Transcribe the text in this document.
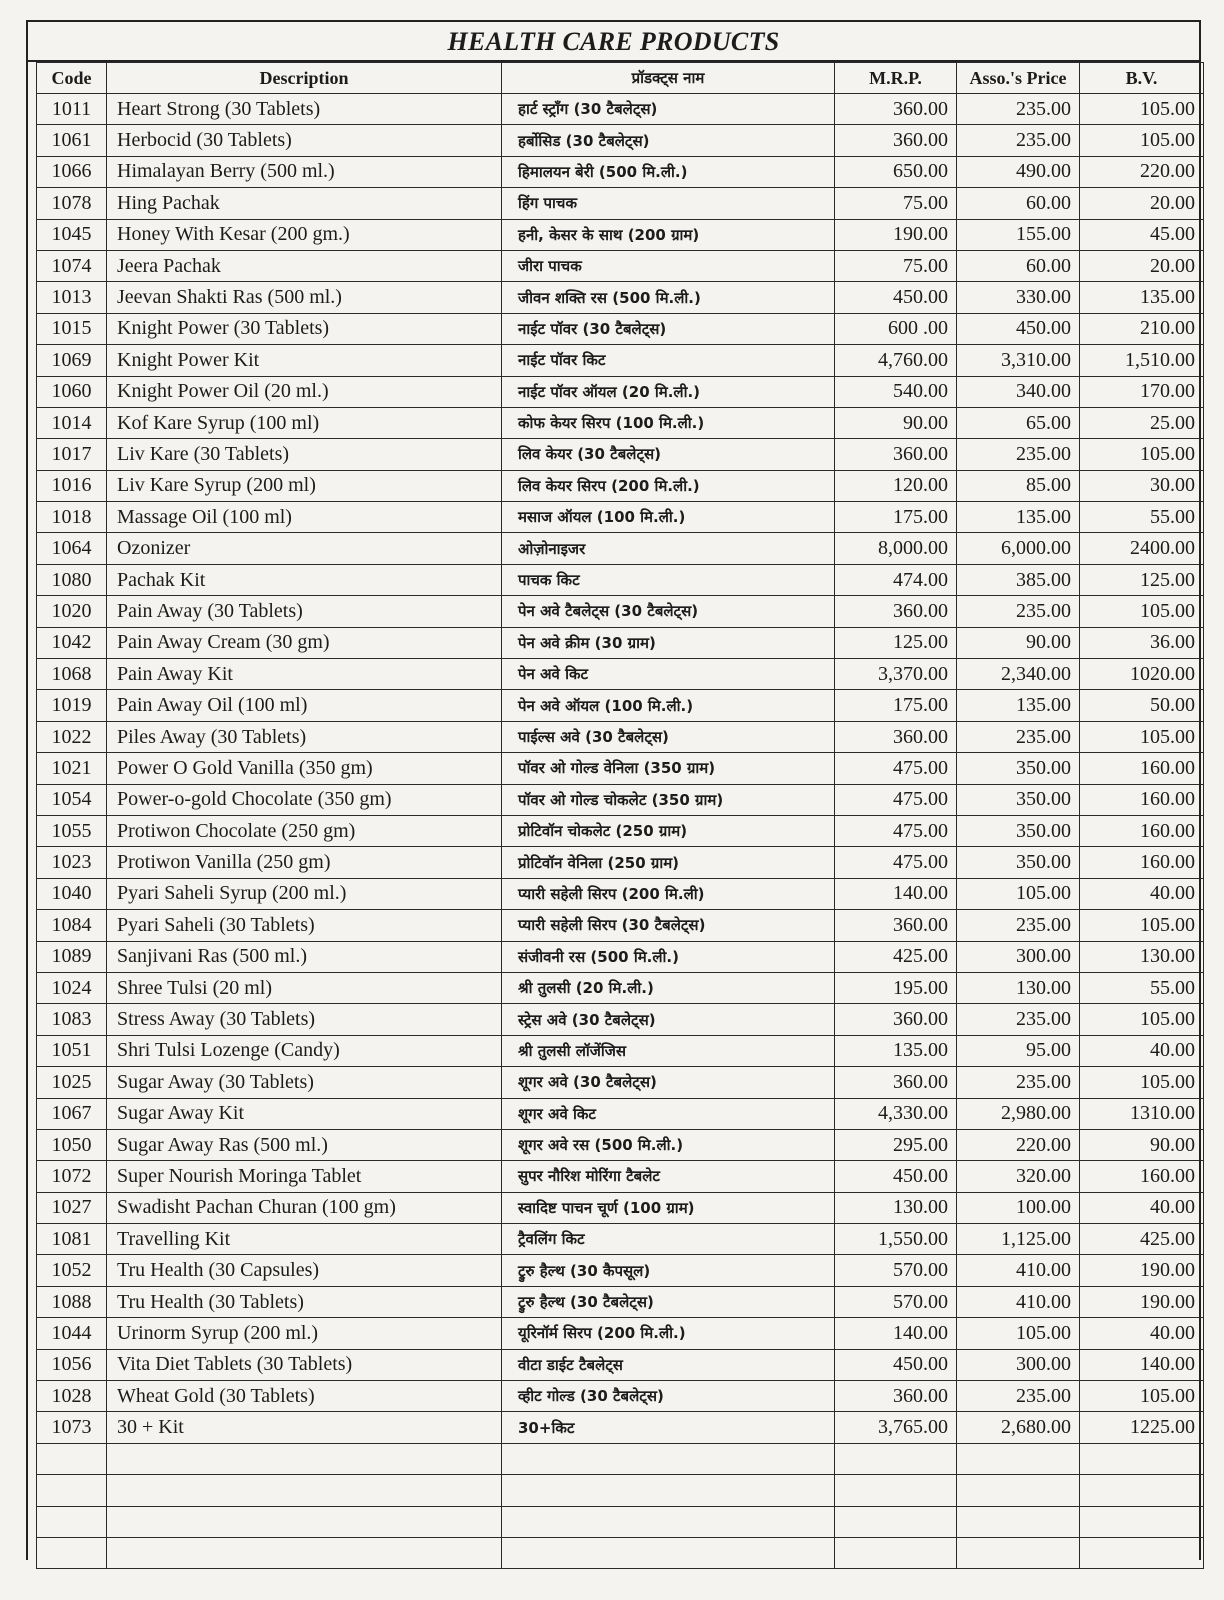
HEALTH CARE PRODUCTS
Code	Description	प्रॉडक्ट्स नाम	M.R.P.	Asso.'s Price	B.V.
1011	Heart Strong (30 Tablets)	हार्ट स्ट्रॉंग (30 टैबलेट्स)	360.00	235.00	105.00
1061	Herbocid (30 Tablets)	हर्बोसिड (30 टैबलेट्स)	360.00	235.00	105.00
1066	Himalayan Berry (500 ml.)	हिमालयन बेरी (500 मि.ली.)	650.00	490.00	220.00
1078	Hing Pachak	हिंग पाचक	75.00	60.00	20.00
1045	Honey With Kesar (200 gm.)	हनी, केसर के साथ (200 ग्राम)	190.00	155.00	45.00
1074	Jeera Pachak	जीरा पाचक	75.00	60.00	20.00
1013	Jeevan Shakti Ras (500 ml.)	जीवन शक्ति रस (500 मि.ली.)	450.00	330.00	135.00
1015	Knight Power (30 Tablets)	नाईट पॉवर (30 टैबलेट्स)	600 .00	450.00	210.00
1069	Knight Power Kit	नाईट पॉवर किट	4,760.00	3,310.00	1,510.00
1060	Knight Power Oil (20 ml.)	नाईट पॉवर ऑयल (20 मि.ली.)	540.00	340.00	170.00
1014	Kof Kare Syrup (100 ml)	कोफ केयर सिरप (100 मि.ली.)	90.00	65.00	25.00
1017	Liv Kare (30 Tablets)	लिव केयर (30 टैबलेट्स)	360.00	235.00	105.00
1016	Liv Kare Syrup (200 ml)	लिव केयर सिरप (200 मि.ली.)	120.00	85.00	30.00
1018	Massage Oil (100 ml)	मसाज ऑयल (100 मि.ली.)	175.00	135.00	55.00
1064	Ozonizer	ओज़ोनाइजर	8,000.00	6,000.00	2400.00
1080	Pachak Kit	पाचक किट	474.00	385.00	125.00
1020	Pain Away (30 Tablets)	पेन अवे टैबलेट्स (30 टैबलेट्स)	360.00	235.00	105.00
1042	Pain Away Cream (30 gm)	पेन अवे क्रीम (30 ग्राम)	125.00	90.00	36.00
1068	Pain Away Kit	पेन अवे किट	3,370.00	2,340.00	1020.00
1019	Pain Away Oil (100 ml)	पेन अवे ऑयल (100 मि.ली.)	175.00	135.00	50.00
1022	Piles Away (30 Tablets)	पाईल्स अवे (30 टैबलेट्स)	360.00	235.00	105.00
1021	Power O Gold Vanilla (350 gm)	पॉवर ओ गोल्ड वेनिला (350 ग्राम)	475.00	350.00	160.00
1054	Power-o-gold Chocolate (350 gm)	पॉवर ओ गोल्ड चोकलेट (350 ग्राम)	475.00	350.00	160.00
1055	Protiwon Chocolate (250 gm)	प्रोटिवॉन चोकलेट (250 ग्राम)	475.00	350.00	160.00
1023	Protiwon Vanilla (250 gm)	प्रोटिवॉन वेनिला (250 ग्राम)	475.00	350.00	160.00
1040	Pyari Saheli Syrup (200 ml.)	प्यारी सहेली सिरप (200 मि.ली)	140.00	105.00	40.00
1084	Pyari Saheli (30 Tablets)	प्यारी सहेली सिरप (30 टैबलेट्स)	360.00	235.00	105.00
1089	Sanjivani Ras (500 ml.)	संजीवनी रस (500 मि.ली.)	425.00	300.00	130.00
1024	Shree Tulsi (20 ml)	श्री तुलसी (20 मि.ली.)	195.00	130.00	55.00
1083	Stress Away (30 Tablets)	स्ट्रेस अवे (30 टैबलेट्स)	360.00	235.00	105.00
1051	Shri Tulsi Lozenge (Candy)	श्री तुलसी लॉजेंजिस	135.00	95.00	40.00
1025	Sugar Away (30 Tablets)	शूगर अवे (30 टैबलेट्स)	360.00	235.00	105.00
1067	Sugar Away Kit	शूगर अवे किट	4,330.00	2,980.00	1310.00
1050	Sugar Away Ras (500 ml.)	शूगर अवे रस (500 मि.ली.)	295.00	220.00	90.00
1072	Super Nourish Moringa Tablet	सुपर नौरिश मोरिंगा टैबलेट	450.00	320.00	160.00
1027	Swadisht Pachan Churan (100 gm)	स्वादिष्ट पाचन चूर्ण (100 ग्राम)	130.00	100.00	40.00
1081	Travelling Kit	ट्रैवलिंग किट	1,550.00	1,125.00	425.00
1052	Tru Health (30 Capsules)	ट्रुरु हैल्थ (30 कैपसूल)	570.00	410.00	190.00
1088	Tru Health (30 Tablets)	ट्रुरु हैल्थ (30 टैबलेट्स)	570.00	410.00	190.00
1044	Urinorm Syrup (200 ml.)	यूरिनॉर्म सिरप (200 मि.ली.)	140.00	105.00	40.00
1056	Vita Diet Tablets (30 Tablets)	वीटा डाईट टैबलेट्स	450.00	300.00	140.00
1028	Wheat Gold (30 Tablets)	व्हीट गोल्ड (30 टैबलेट्स)	360.00	235.00	105.00
1073	30 + Kit	30+किट	3,765.00	2,680.00	1225.00
